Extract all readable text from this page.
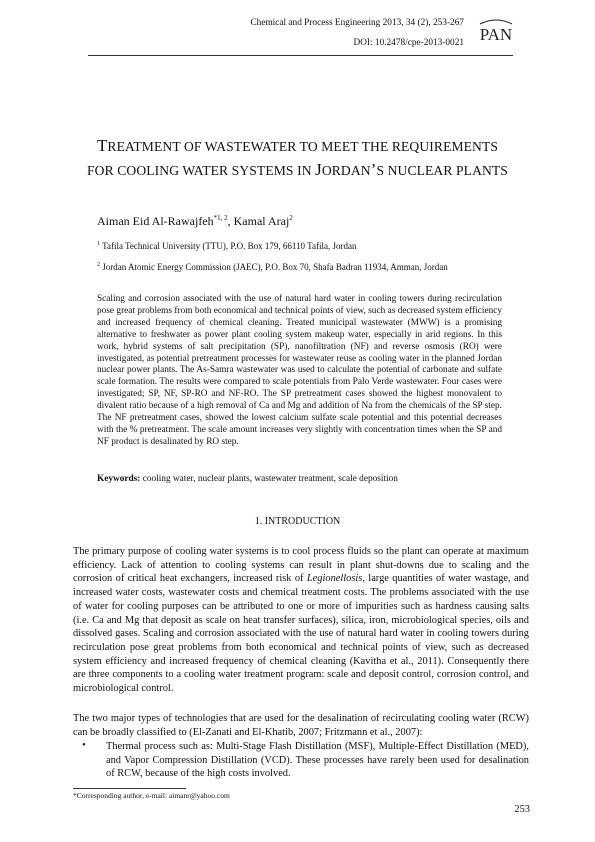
Chemical and Process Engineering 2013, 34 (2), 253-267
DOI: 10.2478/cpe-2013-0021 PAN
TREATMENT OF WASTEWATER TO MEET THE REQUIREMENTS
FOR COOLING WATER SYSTEMS IN JORDAN’S NUCLEAR PLANTS
Aiman Eid Al-Rawajfeh$^{*1, 2}$, Kamal Araj$^2$
$^1$ Tafila Technical University (TTU), P.O. Box 179, 66110 Tafila, Jordan
$^2$ Jordan Atomic Energy Commission (JAEC), P.O. Box 70, Shafa Badran 11934, Amman, Jordan

Scaling and corrosion associated with the use of natural hard water in cooling towers during recirculation pose great problems from both economical and technical points of view, such as decreased system efficiency and increased frequency of chemical cleaning. Treated municipal wastewater (MWW) is a promising alternative to freshwater as power plant cooling system makeup water, especially in arid regions. In this work, hybrid systems of salt precipitation (SP), nanofiltration (NF) and reverse osmosis (RO) were investigated, as potential pretreatment processes for wastewater reuse as cooling water in the planned Jordan nuclear power plants. The As-Samra wastewater was used to calculate the potential of carbonate and sulfate scale formation. The results were compared to scale potentials from Palo Verde wastewater. Four cases were investigated; SP, NF, SP-RO and NF-RO. The SP pretreatment cases showed the highest monovalent to divalent ratio because of a high removal of Ca and Mg and addition of Na from the chemicals of the SP step. The NF pretreatment cases, showed the lowest calcium sulfate scale potential and this potential decreases with the % pretreatment. The scale amount increases very slightly with concentration times when the SP and NF product is desalinated by RO step.

Keywords: cooling water, nuclear plants, wastewater treatment, scale deposition
1. INTRODUCTION

The primary purpose of cooling water systems is to cool process fluids so the plant can operate at maximum efficiency. Lack of attention to cooling systems can result in plant shut-downs due to scaling and the corrosion of critical heat exchangers, increased risk of Legionellosis, large quantities of water wastage, and increased water costs, wastewater costs and chemical treatment costs. The problems associated with the use of water for cooling purposes can be attributed to one or more of impurities such as hardness causing salts (i.e. Ca and Mg that deposit as scale on heat transfer surfaces), silica, iron, microbiological species, oils and dissolved gases. Scaling and corrosion associated with the use of natural hard water in cooling towers during recirculation pose great problems from both economical and technical points of view, such as decreased system efficiency and increased frequency of chemical cleaning (Kavitha et al., 2011). Consequently there are three components to a cooling water treatment program: scale and deposit control, corrosion control, and microbiological control.

The two major types of technologies that are used for the desalination of recirculating cooling water (RCW) can be broadly classified to (El-Zanati and El-Khatib, 2007; Fritzmann et al., 2007):

• Thermal process such as: Multi-Stage Flash Distillation (MSF), Multiple-Effect Distillation (MED), and Vapor Compression Distillation (VCD). These processes have rarely been used for desalination of RCW, because of the high costs involved.

*Corresponding author, e-mail: aimanr@yahoo.com
253
